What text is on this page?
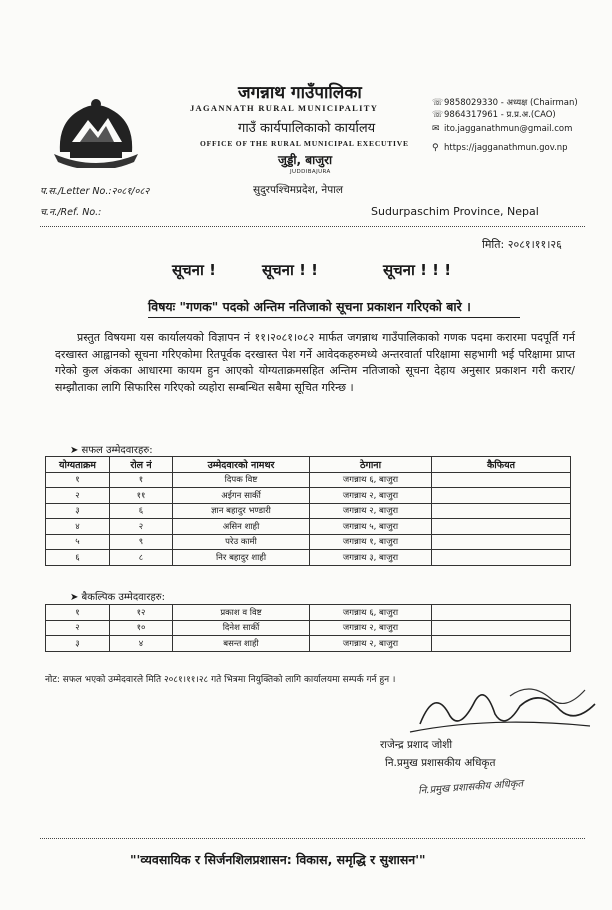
जगन्नाथ गाउँपालिका
JAGANNATH RURAL MUNICIPALITY
गाउँ कार्यपालिकाको कार्यालय
OFFICE OF THE RURAL MUNICIPAL EXECUTIVE
जुड्डी, बाजुरा
JUDDIBAJURA
सुदुरपश्चिमप्रदेश, नेपाल
☏9858029330 - अध्यक्ष (Chairman)
☏9864317961 - प्र.प्र.अ.(CAO)
✉ ito.jagganathmun@gmail.com
⚲ https://jagganathmun.gov.np
प.स./Letter No.:२०८१/०८२
च.न./Ref. No.:	Sudurpaschim Province, Nepal
मिति: २०८१।११।२६
सूचना !	सूचना ! !	सूचना ! ! !
विषयः "गणक" पदको अन्तिम नतिजाको सूचना प्रकाशन गरिएको बारे ।
प्रस्तुत विषयमा यस कार्यालयको विज्ञापन नं ११।२०८१।०८२ मार्फत जगन्नाथ गाउँपालिकाको गणक पदमा करारमा पदपूर्ति गर्न दरखास्त आह्वानको सूचना गरिएकोमा रितपूर्वक दरखास्त पेश गर्ने आवेदकहरुमध्ये अन्तरवार्ता परिक्षामा सहभागी भई परिक्षामा प्राप्त गरेको कुल अंकका आधारमा कायम हुन आएको योग्यताक्रमसहित अन्तिम नतिजाको सूचना देहाय अनुसार प्रकाशन गरी करार/सम्झौताका लागि सिफारिस गरिएको व्यहोरा सम्बन्धित सबैमा सूचित गरिन्छ ।
➤ सफल उम्मेदवारहरु:
योग्यताक्रम	रोल नं	उम्मेदवारको नामथर	ठेगाना	कैफियत
१	१	दिपक विष्ट	जगन्नाथ ६, बाजुरा	
२	११	अईगन सार्की	जगन्नाथ २, बाजुरा	
३	६	ज्ञान बहादुर भण्डारी	जगन्नाथ २, बाजुरा	
४	२	असिन शाही	जगन्नाथ ५, बाजुरा	
५	९	परेउ कामी	जगन्नाथ १, बाजुरा	
६	८	निर बहादुर शाही	जगन्नाथ ३, बाजुरा	
➤ बैकल्पिक उम्मेदवारहरु:
१	१२	प्रकाश व विष्ट	जगन्नाथ ६, बाजुरा	
२	१०	दिनेश सार्की	जगन्नाथ २, बाजुरा	
३	४	बसन्त शाही	जगन्नाथ २, बाजुरा	
नोट: सफल भएको उम्मेदवारले मिति २०८१।११।२८ गते भित्रमा नियुक्तिको लागि कार्यालयमा सम्पर्क गर्न हुन ।
राजेन्द्र प्रशाद जोशी
नि.प्रमुख प्रशासकीय अधिकृत
नि.प्रमुख प्रशासकीय अधिकृत
"'व्यवसायिक र सिर्जनशिलप्रशासन: विकास, समृद्धि र सुशासन'"
